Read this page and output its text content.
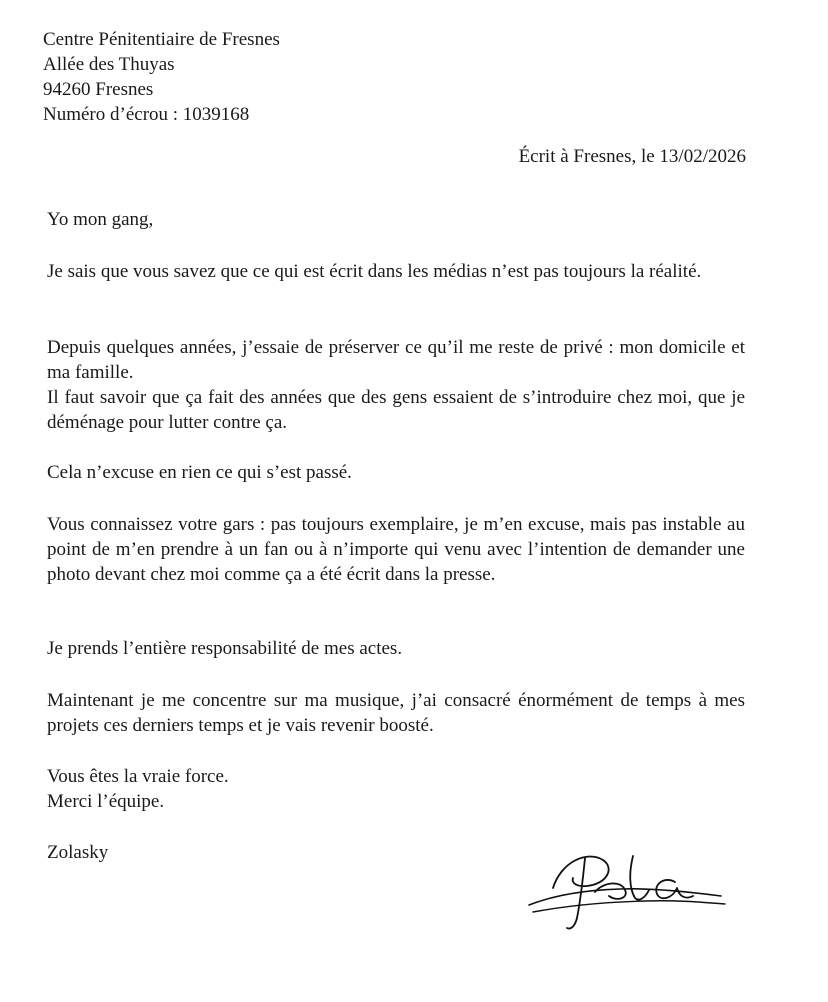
Centre Pénitentiaire de Fresnes
Allée des Thuyas
94260 Fresnes
Numéro d’écrou : 1039168
Écrit à Fresnes, le 13/02/2026

Yo mon gang,

Je sais que vous savez que ce qui est écrit dans les médias n’est pas toujours la réalité.

Depuis quelques années, j’essaie de préserver ce qu’il me reste de privé : mon domicile et ma famille.

Il faut savoir que ça fait des années que des gens essaient de s’introduire chez moi, que je déménage pour lutter contre ça.

Cela n’excuse en rien ce qui s’est passé.

Vous connaissez votre gars : pas toujours exemplaire, je m’en excuse, mais pas instable au point de m’en prendre à un fan ou à n’importe qui venu avec l’intention de demander une photo devant chez moi comme ça a été écrit dans la presse.

Je prends l’entière responsabilité de mes actes.

Maintenant je me concentre sur ma musique, j’ai consacré énormément de temps à mes projets ces derniers temps et je vais revenir boosté.

Vous êtes la vraie force.

Merci l’équipe.

Zolasky
